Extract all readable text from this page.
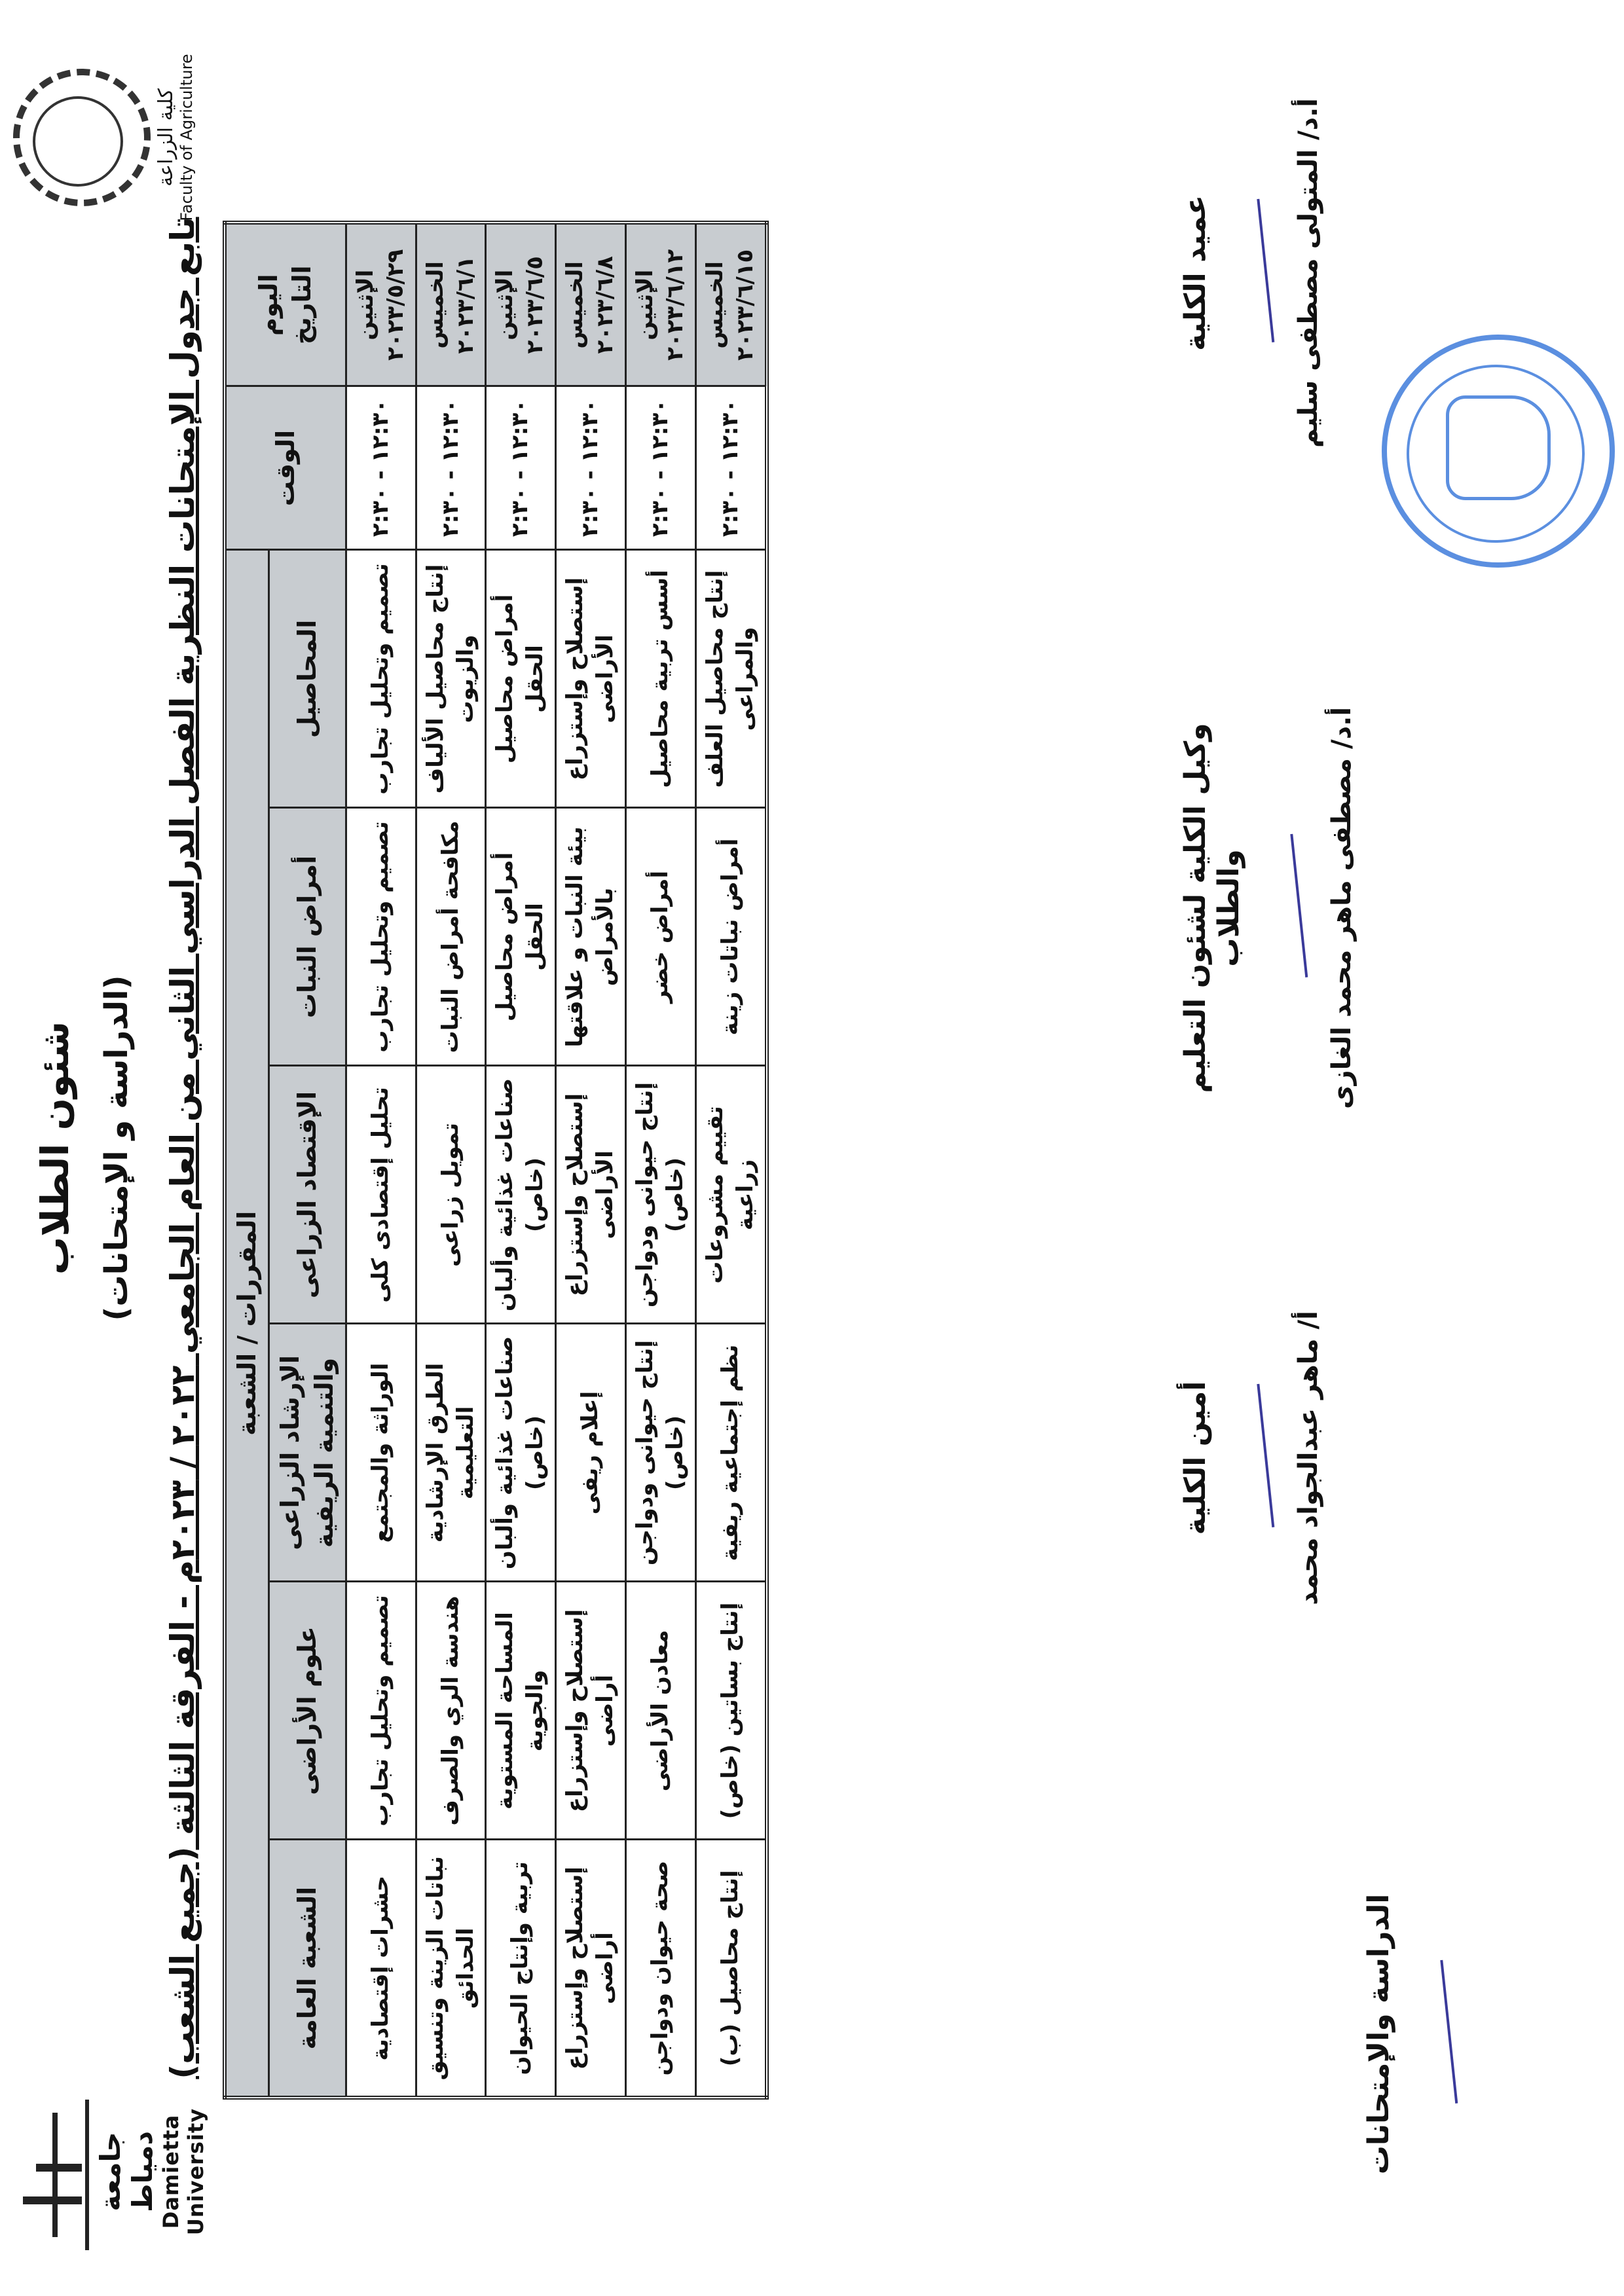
جامعة دمياط Damietta University
كلية الزراعة Faculty of Agriculture
شئون الطلاب (الدراسة و الإمتحانات)
تابع جدول الإمتحانات النظرية الفصل الدراسي الثاني من العام الجامعي ٢٠٢٢ / ٢٠٢٣م - الفرقة الثالثة (جميع الشعب) اليوم التاريخ	الوقت	المقررات / الشعبة					
		المحاصيل	أمراض النبات	الإقتصاد الزراعى	الإرشاد الزراعى والتنمية الريفية	علوم الأراضى	الشعبة العامة

الإثنين ٢٠٢٣/٥/٢٩	١٢:٣٠ - ٢:٣٠	تصميم وتحليل تجارب	تصميم وتحليل تجارب	تحليل إقتصادى كلى	الوراثة والمجتمع	تصميم وتحليل تجارب	حشرات إقتصادية

الخميس ٢٠٢٣/٦/١	١٢:٣٠ - ٢:٣٠	إنتاج محاصيل الألياف والزيوت	مكافحة أمراض النبات	تمويل زراعى	الطرق الإرشادية التعليمية	هندسة الري والصرف	نباتات الزينة وتنسيق الحدائق

الإثنين ٢٠٢٣/٦/٥	١٢:٣٠ - ٢:٣٠	أمراض محاصيل الحقل	أمراض محاصيل الحقل	صناعات غذائية وألبان (خاص)	صناعات غذائية وألبان (خاص)	المساحة المستوية والجوية	تربية وإنتاج الحيوان

الخميس ٢٠٢٣/٦/٨	١٢:٣٠ - ٢:٣٠	إستصلاح وإستزراع الأراضى	بيئة النبات و علاقتها بالأمراض	إستصلاح وإستزراع الأراضى	إعلام ريفى	إستصلاح وإستزراع أراضى	إستصلاح وإستزراع أراضى

الإثنين ٢٠٢٣/٦/١٢	١٢:٣٠ - ٢:٣٠	أسس تربية محاصيل	أمراض خضر	إنتاج حيوانى ودواجن (خاص)	إنتاج حيوانى ودواجن (خاص)	معادن الأراضى	صحة حيوان ودواجن

الخميس ٢٠٢٣/٦/١٥	١٢:٣٠ - ٢:٣٠	إنتاج محاصيل العلف والمراعى	أمراض نباتات زينة	تقييم مشروعات زراعية	نظم إجتماعية ريفية	إنتاج بساتين (خاص)	إنتاج محاصيل (ب)	الدراسة والإمتحانات
أمين الكلية	أ/ ماهر عبدالجواد محمد
وكيل الكلية لشئون التعليم والطلاب	أ.د/ مصطفى ماهر محمد الغازى
عميد الكلية	أ.د/ المتولى مصطفى سليم
